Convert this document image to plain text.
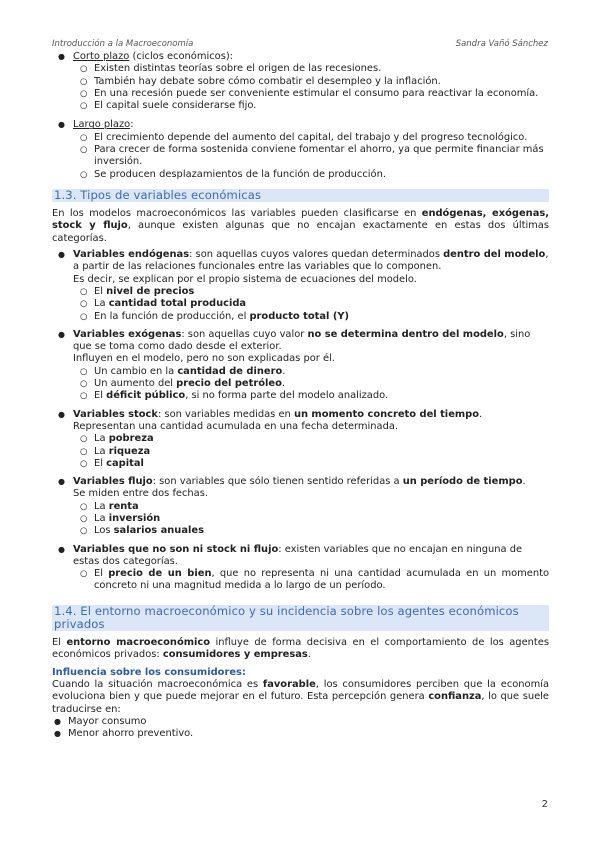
Introducción a la Macroeconomía	Sandra Vañó Sánchez
●
Corto plazo (ciclos económicos):
○
Existen distintas teorías sobre el origen de las recesiones.
○
También hay debate sobre cómo combatir el desempleo y la inflación.
○
En una recesión puede ser conveniente estimular el consumo para reactivar la economía.
○
El capital suele considerarse fijo.
●
Largo plazo:
○
El crecimiento depende del aumento del capital, del trabajo y del progreso tecnológico.
○
Para crecer de forma sostenida conviene fomentar el ahorro, ya que permite financiar más inversión.
○
Se producen desplazamientos de la función de producción.
1.3. Tipos de variables económicas

En los modelos macroeconómicos las variables pueden clasificarse en endógenas, exógenas, stock y flujo, aunque existen algunas que no encajan exactamente en estas dos últimas categorías.

●
Variables endógenas: son aquellas cuyos valores quedan determinados dentro del modelo, a partir de las relaciones funcionales entre las variables que lo componen.
Es decir, se explican por el propio sistema de ecuaciones del modelo.
○
El nivel de precios
○
La cantidad total producida
○
En la función de producción, el producto total (Y)
●
Variables exógenas: son aquellas cuyo valor no se determina dentro del modelo, sino que se toma como dado desde el exterior.
Influyen en el modelo, pero no son explicadas por él.
○
Un cambio en la cantidad de dinero.
○
Un aumento del precio del petróleo.
○
El déficit público, si no forma parte del modelo analizado.
●
Variables stock: son variables medidas en un momento concreto del tiempo.
Representan una cantidad acumulada en una fecha determinada.
○
La pobreza
○
La riqueza
○
El capital
●
Variables flujo: son variables que sólo tienen sentido referidas a un período de tiempo.
Se miden entre dos fechas.
○
La renta
○
La inversión
○
Los salarios anuales
●
Variables que no son ni stock ni flujo: existen variables que no encajan en ninguna de estas dos categorías.
○
El precio de un bien, que no representa ni una cantidad acumulada en un momento concreto ni una magnitud medida a lo largo de un período.
1.4. El entorno macroeconómico y su incidencia sobre los agentes económicos privados

El entorno macroeconómico influye de forma decisiva en el comportamiento de los agentes económicos privados: consumidores y empresas.

Influencia sobre los consumidores:

Cuando la situación macroeconómica es favorable, los consumidores perciben que la economía evoluciona bien y que puede mejorar en el futuro. Esta percepción genera confianza, lo que suele traducirse en:

●
Mayor consumo
●
Menor ahorro preventivo.
2
